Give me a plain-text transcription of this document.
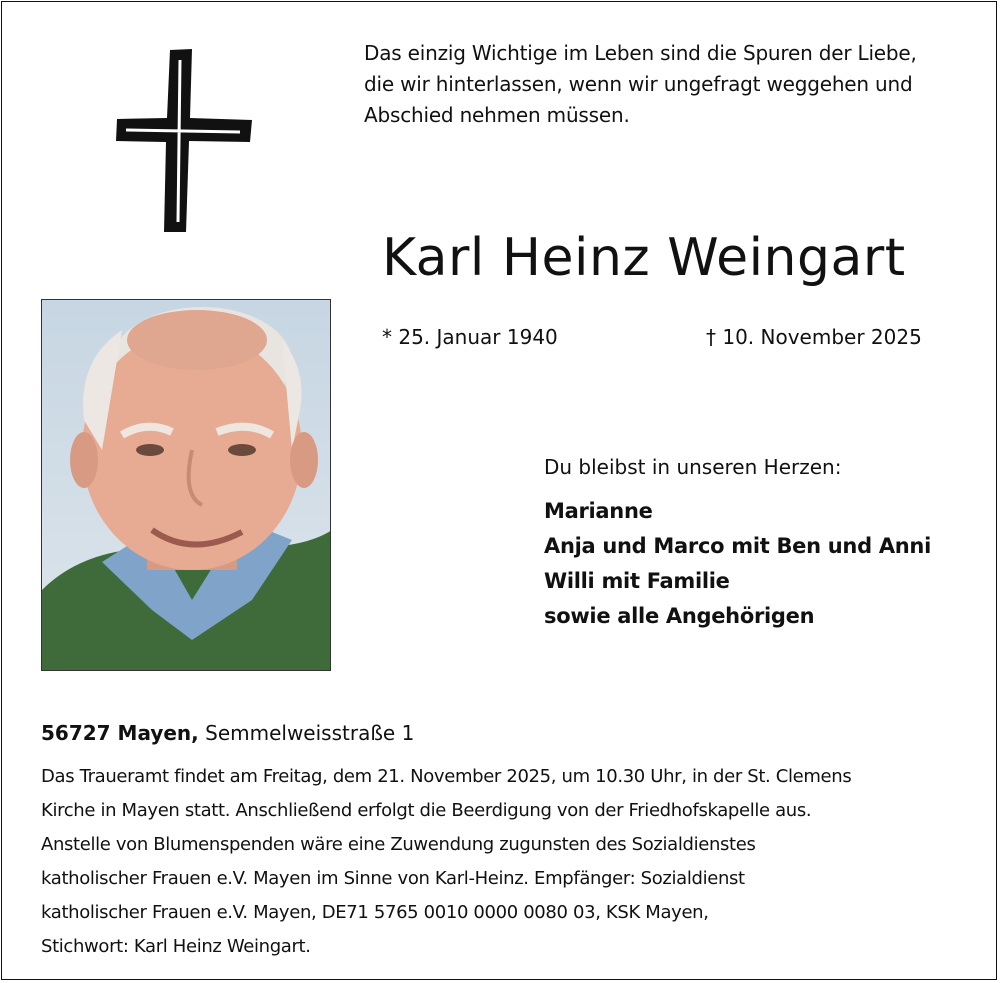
Das einzig Wichtige im Leben sind die Spuren der Liebe,
die wir hinterlassen, wenn wir ungefragt weggehen und
Abschied nehmen müssen.
Karl Heinz Weingart
* 25. Januar 1940	† 10. November 2025
Du bleibst in unseren Herzen:
Marianne
Anja und Marco mit Ben und Anni
Willi mit Familie
sowie alle Angehörigen
56727 Mayen, Semmelweisstraße 1
Das Traueramt findet am Freitag, dem 21. November 2025, um 10.30 Uhr, in der St. Clemens
Kirche in Mayen statt. Anschließend erfolgt die Beerdigung von der Friedhofskapelle aus.
Anstelle von Blumenspenden wäre eine Zuwendung zugunsten des Sozialdienstes
katholischer Frauen e.V. Mayen im Sinne von Karl-Heinz. Empfänger: Sozialdienst
katholischer Frauen e.V. Mayen, DE71 5765 0010 0000 0080 03, KSK Mayen,
Stichwort: Karl Heinz Weingart.
